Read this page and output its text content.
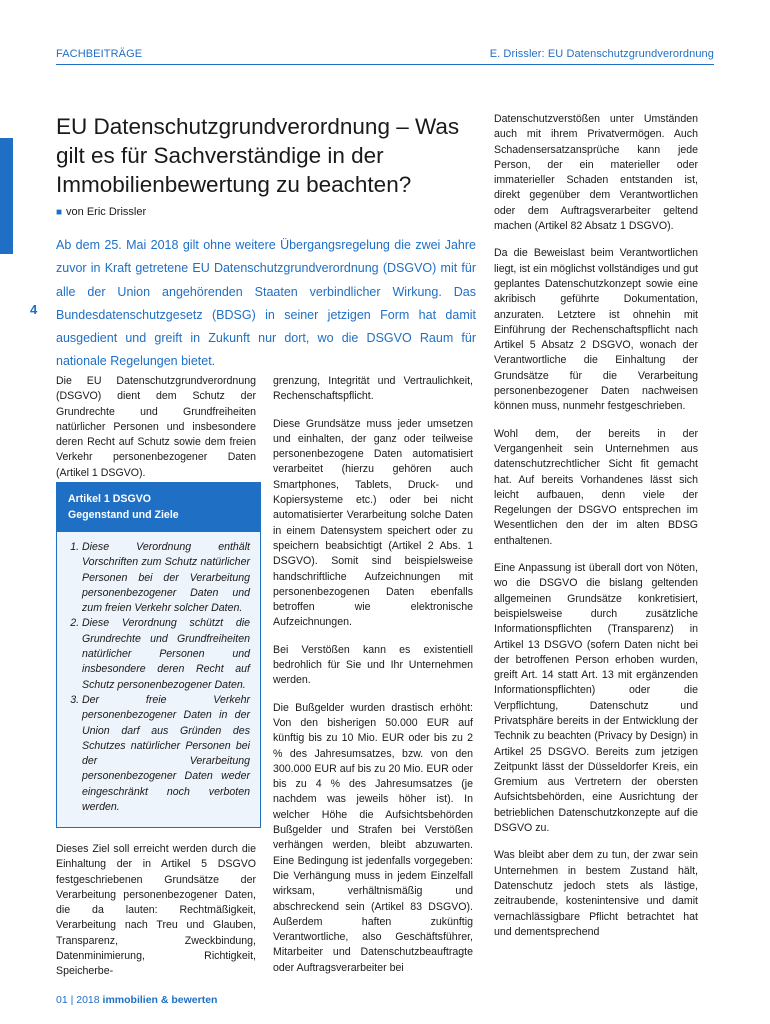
FACHBEITRÄGE	E. Drissler: EU Datenschutzgrundverordnung
4
EU Datenschutzgrundverordnung – Was gilt es für Sachverständige in der Immobilienbewertung zu beachten?
■ von Eric Drissler

Ab dem 25. Mai 2018 gilt ohne weitere Übergangsregelung die zwei Jahre zuvor in Kraft getretene EU Datenschutzgrundverordnung (DSGVO) mit für alle der Union angehörenden Staaten verbindlicher Wirkung. Das Bundesdatenschutzgesetz (BDSG) in seiner jetzigen Form hat damit ausgedient und greift in Zukunft nur dort, wo die DSGVO Raum für nationale Regelungen bietet.

Die EU Datenschutzgrundverordnung (DSGVO) dient dem Schutz der Grundrechte und Grundfreiheiten natürlicher Personen und insbesondere deren Recht auf Schutz sowie dem freien Verkehr personenbezogener Daten (Artikel 1 DSGVO).

Artikel 1 DSGVO
Gegenstand und Ziele
1. Diese Verordnung enthält Vorschriften zum Schutz natürlicher Personen bei der Verarbeitung personenbezogener Daten und zum freien Verkehr solcher Daten.
2. Diese Verordnung schützt die Grundrechte und Grundfreiheiten natürlicher Personen und insbesondere deren Recht auf Schutz personenbezogener Daten.
3. Der freie Verkehr personenbezogener Daten in der Union darf aus Gründen des Schutzes natürlicher Personen bei der Verarbeitung personenbezogener Daten weder eingeschränkt noch verboten werden.

Dieses Ziel soll erreicht werden durch die Einhaltung der in Artikel 5 DSGVO festgeschriebenen Grundsätze der Verarbeitung personenbezogener Daten, die da lauten: Rechtmäßigkeit, Verarbeitung nach Treu und Glauben, Transparenz, Zweckbindung, Datenminimierung, Richtigkeit, Speicherbe-

grenzung, Integrität und Vertraulichkeit, Rechenschaftspflicht.

Diese Grundsätze muss jeder umsetzen und einhalten, der ganz oder teilweise personenbezogene Daten automatisiert verarbeitet (hierzu gehören auch Smartphones, Tablets, Druck- und Kopiersysteme etc.) oder bei nicht automatisierter Verarbeitung solche Daten in einem Datensystem speichert oder zu speichern beabsichtigt (Artikel 2 Abs. 1 DSGVO). Somit sind beispielsweise handschriftliche Aufzeichnungen mit personenbezogenen Daten ebenfalls betroffen wie elektronische Aufzeichnungen.

Bei Verstößen kann es existentiell bedrohlich für Sie und Ihr Unternehmen werden.

Die Bußgelder wurden drastisch erhöht: Von den bisherigen 50.000 EUR auf künftig bis zu 10 Mio. EUR oder bis zu 2 % des Jahresumsatzes, bzw. von den 300.000 EUR auf bis zu 20 Mio. EUR oder bis zu 4 % des Jahresumsatzes (je nachdem was jeweils höher ist). In welcher Höhe die Aufsichtsbehörden Bußgelder und Strafen bei Verstößen verhängen werden, bleibt abzuwarten. Eine Bedingung ist jedenfalls vorgegeben: Die Verhängung muss in jedem Einzelfall wirksam, verhältnismäßig und abschreckend sein (Artikel 83 DSGVO). Außerdem haften zukünftig Verantwortliche, also Geschäftsführer, Mitarbeiter und Datenschutzbeauftragte oder Auftragsverarbeiter bei

Datenschutzverstößen unter Umständen auch mit ihrem Privatvermögen. Auch Schadensersatzansprüche kann jede Person, der ein materieller oder immaterieller Schaden entstanden ist, direkt gegenüber dem Verantwortlichen oder dem Auftragsverarbeiter geltend machen (Artikel 82 Absatz 1 DSGVO).

Da die Beweislast beim Verantwortlichen liegt, ist ein möglichst vollständiges und gut geplantes Datenschutzkonzept sowie eine akribisch geführte Dokumentation, anzuraten. Letztere ist ohnehin mit Einführung der Rechenschaftspflicht nach Artikel 5 Absatz 2 DSGVO, wonach der Verantwortliche die Einhaltung der Grundsätze für die Verarbeitung personenbezogener Daten nachweisen können muss, nunmehr festgeschrieben.

Wohl dem, der bereits in der Vergangenheit sein Unternehmen aus datenschutzrechtlicher Sicht fit gemacht hat. Auf bereits Vorhandenes lässt sich leicht aufbauen, denn viele der Regelungen der DSGVO entsprechen im Wesentlichen den der im alten BDSG enthaltenen.

Eine Anpassung ist überall dort von Nöten, wo die DSGVO die bislang geltenden allgemeinen Grundsätze konkretisiert, beispielsweise durch zusätzliche Informationspflichten (Transparenz) in Artikel 13 DSGVO (sofern Daten nicht bei der betroffenen Person erhoben wurden, greift Art. 14 statt Art. 13 mit ergänzenden Informationspflichten) oder die Verpflichtung, Datenschutz und Privatsphäre bereits in der Entwicklung der Technik zu beachten (Privacy by Design) in Artikel 25 DSGVO. Bereits zum jetzigen Zeitpunkt lässt der Düsseldorfer Kreis, ein Gremium aus Vertretern der obersten Aufsichtsbehörden, eine Ausrichtung der betrieblichen Datenschutzkonzepte auf die DSGVO zu.

Was bleibt aber dem zu tun, der zwar sein Unternehmen in bestem Zustand hält, Datenschutz jedoch stets als lästige, zeitraubende, kostenintensive und damit vernachlässigbare Pflicht betrachtet hat und dementsprechend

01 | 2018 immobilien & bewerten
